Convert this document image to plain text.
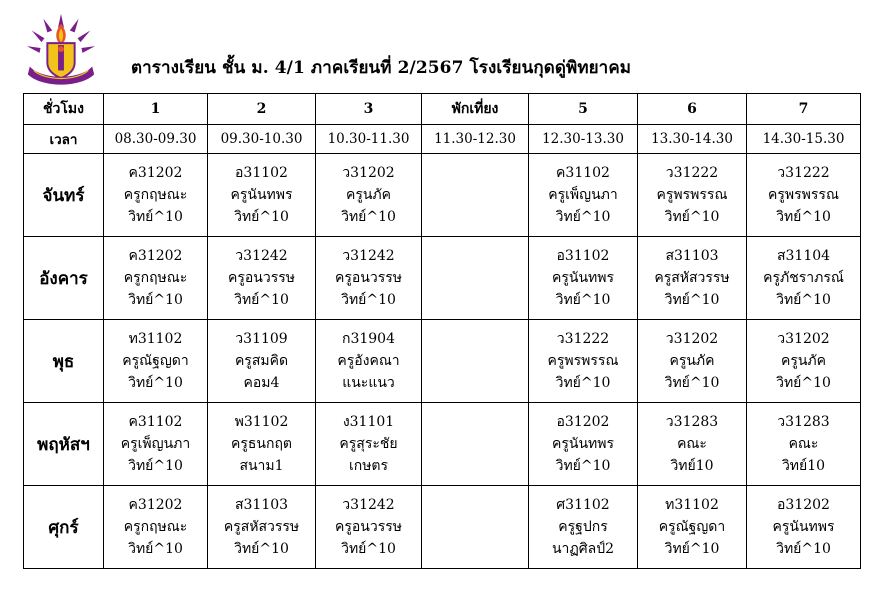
ตารางเรียน ชั้น ม. 4/1 ภาคเรียนที่ 2/2567 โรงเรียนกุดดู่พิทยาคม
ชั่วโมง	1	2	3	พักเที่ยง	5	6	7
เวลา	08.30-09.30	09.30-10.30	10.30-11.30	11.30-12.30	12.30-13.30	13.30-14.30	14.30-15.30
จันทร์	ค31202
ครูกฤษณะ
วิทย์^10	อ31102
ครูนันทพร
วิทย์^10	ว31202
ครูนภัค
วิทย์^10		ค31102
ครูเพ็ญนภา
วิทย์^10	ว31222
ครูพรพรรณ
วิทย์^10	ว31222
ครูพรพรรณ
วิทย์^10

อังคาร	ค31202
ครูกฤษณะ
วิทย์^10	ว31242
ครูอนวรรษ
วิทย์^10	ว31242
ครูอนวรรษ
วิทย์^10		อ31102
ครูนันทพร
วิทย์^10	ส31103
ครูสหัสวรรษ
วิทย์^10	ส31104
ครูภัชราภรณ์
วิทย์^10

พุธ	ท31102
ครูณัฐญดา
วิทย์^10	ว31109
ครูสมคิด
คอม4	ก31904
ครูอังคณา
แนะแนว		ว31222
ครูพรพรรณ
วิทย์^10	ว31202
ครูนภัค
วิทย์^10	ว31202
ครูนภัค
วิทย์^10

พฤหัสฯ	ค31102
ครูเพ็ญนภา
วิทย์^10	พ31102
ครูธนกฤต
สนาม1	ง31101
ครูสุระชัย
เกษตร		อ31202
ครูนันทพร
วิทย์^10	ว31283
คณะ
วิทย์10	ว31283
คณะ
วิทย์10

ศุกร์	ค31202
ครูกฤษณะ
วิทย์^10	ส31103
ครูสหัสวรรษ
วิทย์^10	ว31242
ครูอนวรรษ
วิทย์^10		ศ31102
ครูฐปกร
นาฏศิลป์2	ท31102
ครูณัฐญดา
วิทย์^10	อ31202
ครูนันทพร
วิทย์^10
